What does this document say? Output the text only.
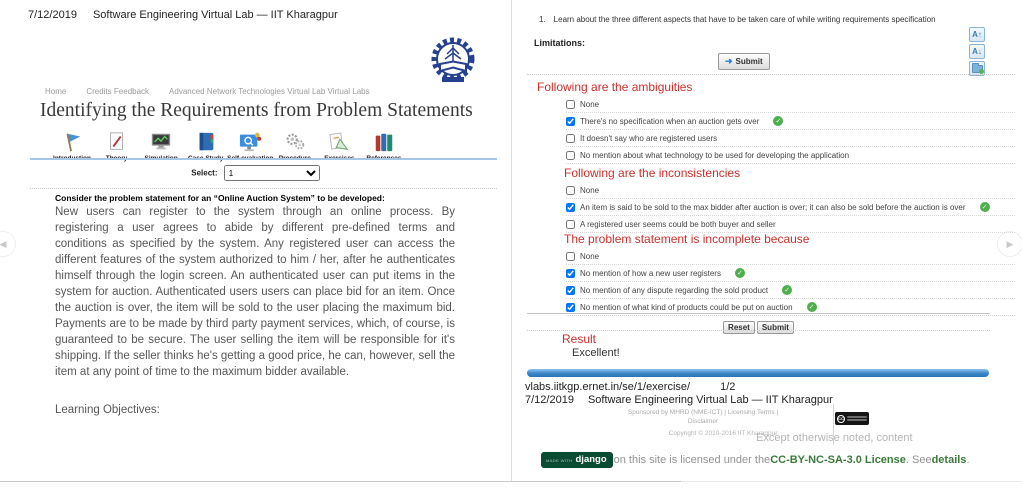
7/12/2019 Software Engineering Virtual Lab — IIT Kharagpur
Home	Credits Feedback	Advanced Network Technologies Virtual Lab Virtual Labs
Identifying the Requirements from Problem Statements
Introduction Theory	Simulation Case Study Self-evaluation Procedure Exercises References
Select:
1
Consider the problem statement for an “Online Auction System” to be developed:

New users can register to the system through an online process. By registering a user agrees to abide by different pre-defined terms and conditions as specified by the system. Any registered user can access the different features of the system authorized to him / her, after he authenticates himself through the login screen. An authenticated user can put items in the system for auction. Authenticated users users can place bid for an item. Once the auction is over, the item will be sold to the user placing the maximum bid. Payments are to be made by third party payment services, which, of course, is guaranteed to be secure. The user selling the item will be responsible for it's shipping. If the seller thinks he's getting a good price, he can, however, sell the item at any point of time to the maximum bidder available.

Learning Objectives:
◀	▶
1. Learn about the three different aspects that have to be taken care of while writing requirements specification
Limitations:
➜ Submit
A↑
A↓
Following are the ambiguities
None
There's no specification when an auction gets over ✓
It doesn't say who are registered users
No mention about what technology to be used for developing the application
Following are the inconsistencies
None
An item is said to be sold to the max bidder after auction is over; it can also be sold before the auction is over ✓
A registered user seems could be both buyer and seller
The problem statement is incomplete because
None
No mention of how a new user registers ✓
No mention of any dispute regarding the sold product ✓
No mention of what kind of products could be put on auction ✓
Reset Submit
Result
Excellent!
vlabs.iitkgp.ernet.in/se/1/exercise/	1/2
7/12/2019 Software Engineering Virtual Lab — IIT Kharagpur
Sponsored by MHRD (NME-ICT) | Licensing Terms |
Disclaimer
Copyright © 2010-2016 IIT Kharagpur
CC
Except otherwise noted, content
MADE WITH django on this site is licensed under the CC-BY-NC-SA-3.0 License . See details .
